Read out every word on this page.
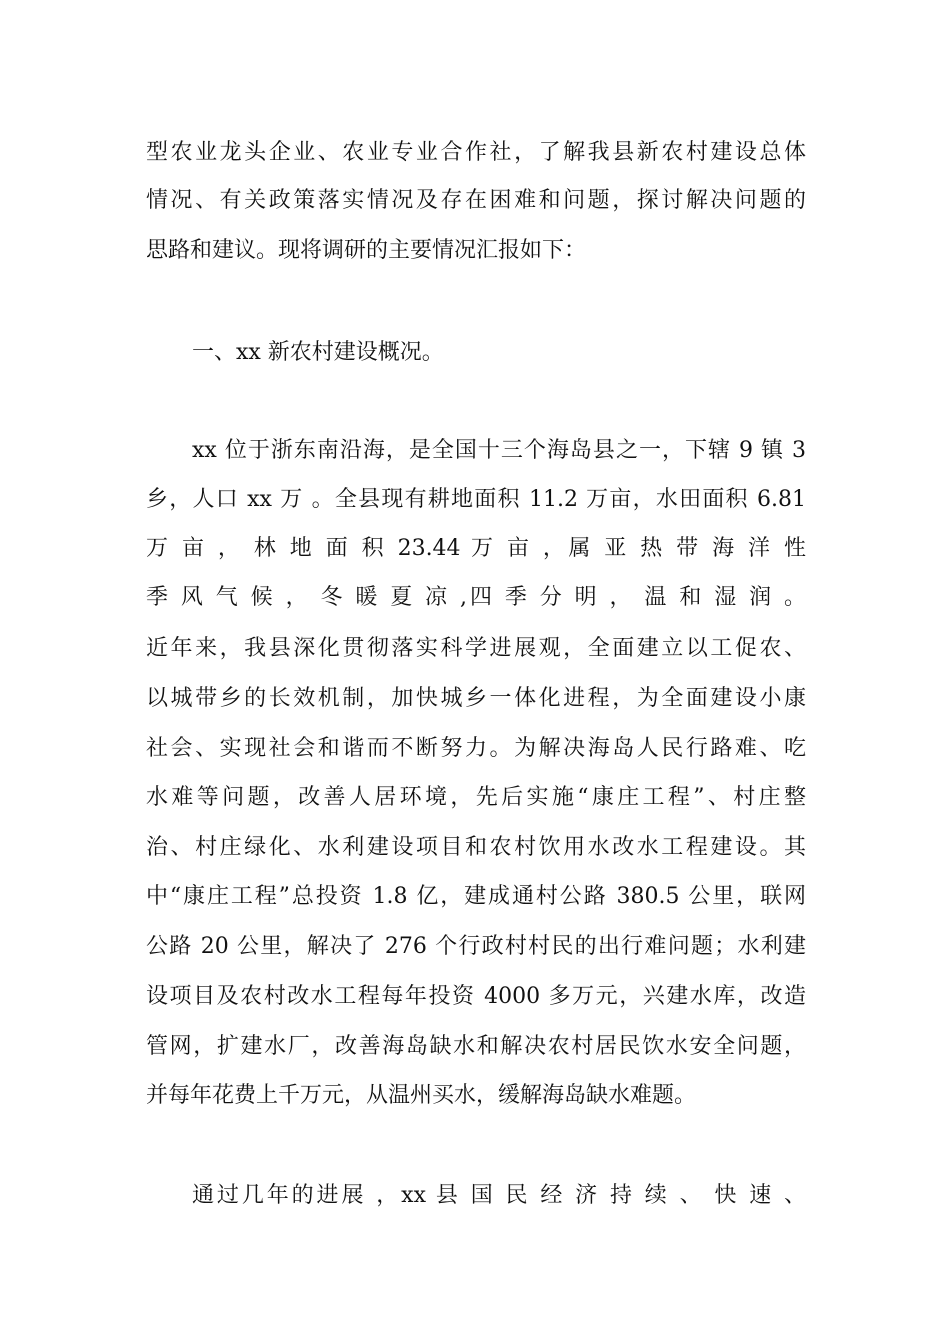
型农业龙头企业、农业专业合作社，了解我县新农村建设总体
情况、有关政策落实情况及存在困难和问题，探讨解决问题的
思路和建议。现将调研的主要情况汇报如下：
一、xx 新农村建设概况。
xx 位于浙东南沿海，是全国十三个海岛县之一，下辖 9 镇 3
乡，人口 xx 万 。全县现有耕地面积 11.2 万亩，水田面积 6.81
万 亩 ， 林 地 面 积 23.44 万 亩 ，属 亚 热 带 海 洋 性
季 风 气 候 ， 冬 暖 夏 凉 ,四 季 分 明 ， 温 和 湿 润 。
近年来，我县深化贯彻落实科学进展观，全面建立以工促农、
以城带乡的长效机制，加快城乡一体化进程，为全面建设小康
社会、实现社会和谐而不断努力。为解决海岛人民行路难、吃
水难等问题，改善人居环境，先后实施“康庄工程”、村庄整
治、村庄绿化、水利建设项目和农村饮用水改水工程建设。其
中“康庄工程”总投资 1.8 亿，建成通村公路 380.5 公里，联网
公路 20 公里，解决了 276 个行政村村民的出行难问题；水利建
设项目及农村改水工程每年投资 4000 多万元，兴建水库，改造
管网，扩建水厂，改善海岛缺水和解决农村居民饮水安全问题，
并每年花费上千万元，从温州买水，缓解海岛缺水难题。
通过几年的进展 ，xx 县 国 民 经 济 持 续 、 快 速 、
